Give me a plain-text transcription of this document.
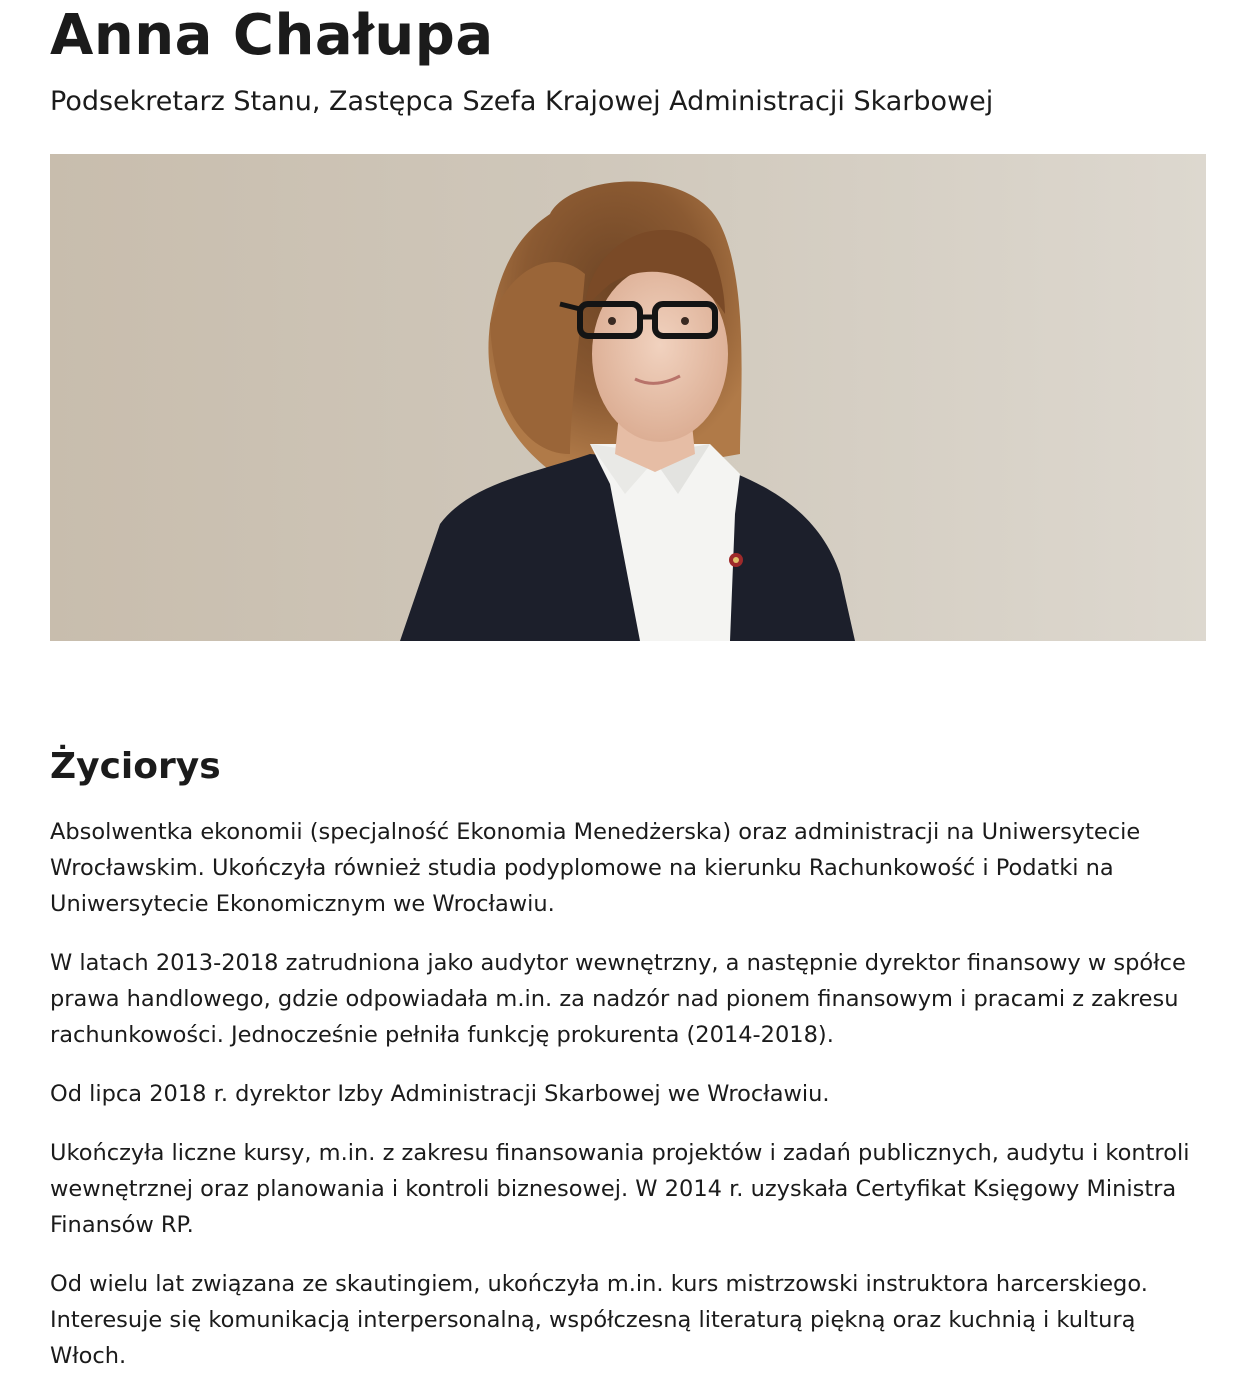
Anna Chałupa
Podsekretarz Stanu, Zastępca Szefa Krajowej Administracji Skarbowej
Życiorys

Absolwentka ekonomii (specjalność Ekonomia Menedżerska) oraz administracji na Uniwersytecie Wrocławskim. Ukończyła również studia podyplomowe na kierunku Rachunkowość i Podatki na Uniwersytecie Ekonomicznym we Wrocławiu.

W latach 2013-2018 zatrudniona jako audytor wewnętrzny, a następnie dyrektor finansowy w spółce prawa handlowego, gdzie odpowiadała m.in. za nadzór nad pionem finansowym i pracami z zakresu rachunkowości. Jednocześnie pełniła funkcję prokurenta (2014-2018).

Od lipca 2018 r. dyrektor Izby Administracji Skarbowej we Wrocławiu.

Ukończyła liczne kursy, m.in. z zakresu finansowania projektów i zadań publicznych, audytu i kontroli wewnętrznej oraz planowania i kontroli biznesowej. W 2014 r. uzyskała Certyfikat Księgowy Ministra Finansów RP.

Od wielu lat związana ze skautingiem, ukończyła m.in. kurs mistrzowski instruktora harcerskiego. Interesuje się komunikacją interpersonalną, współczesną literaturą piękną oraz kuchnią i kulturą Włoch.
